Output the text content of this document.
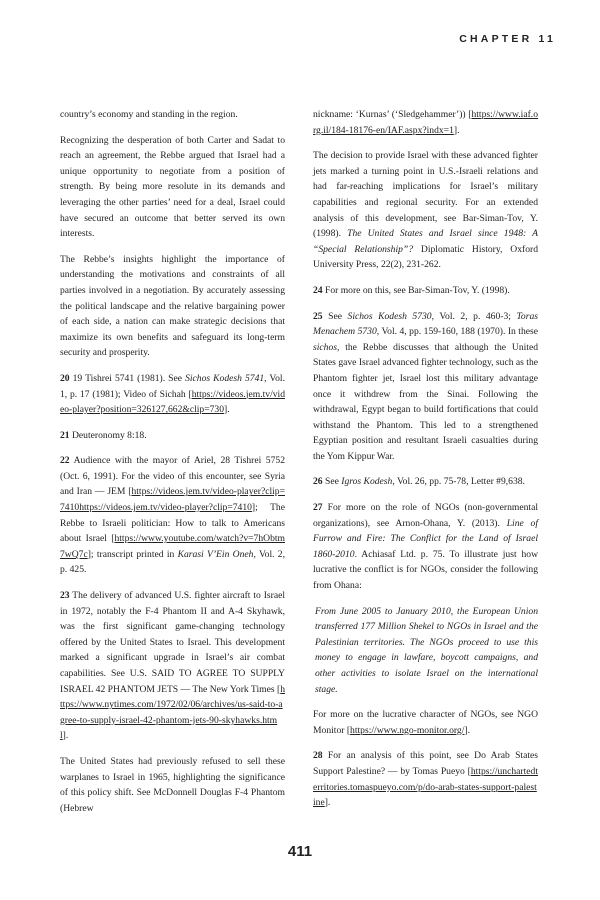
CHAPTER 11

country’s economy and standing in the region.

Recognizing the desperation of both Carter and Sadat to reach an agreement, the Rebbe argued that Israel had a unique opportunity to negotiate from a position of strength. By being more resolute in its demands and leveraging the other parties’ need for a deal, Israel could have secured an outcome that better served its own interests.

The Rebbe’s insights highlight the importance of understanding the motivations and constraints of all parties involved in a negotiation. By accurately assessing the political landscape and the relative bargaining power of each side, a nation can make strategic decisions that maximize its own benefits and safeguard its long-term security and prosperity.

20 19 Tishrei 5741 (1981). See Sichos Kodesh 5741, Vol. 1, p. 17 (1981); Video of Sichah [https://videos.jem.tv/video-player?position=326127,662&clip=730].

21 Deuteronomy 8:18.

22 Audience with the mayor of Ariel, 28 Tishrei 5752 (Oct. 6, 1991). For the video of this encounter, see Syria and Iran — JEM [https://videos.jem.tv/video-player?clip=7410https://videos.jem.tv/video-player?clip=7410]; The Rebbe to Israeli politician: How to talk to Americans about Israel [https://www.youtube.com/watch?v=7hObtm7wQ7c]; transcript printed in Karasi V’Ein Oneh, Vol. 2, p. 425.

23 The delivery of advanced U.S. fighter aircraft to Israel in 1972, notably the F-4 Phantom II and A-4 Skyhawk, was the first significant game-changing technology offered by the United States to Israel. This development marked a significant upgrade in Israel’s air combat capabilities. See U.S. SAID TO AGREE TO SUPPLY ISRAEL 42 PHANTOM JETS — The New York Times [https://www.nytimes.com/1972/02/06/archives/us-said-to-agree-to-supply-israel-42-phantom-jets-90-skyhawks.html].

The United States had previously refused to sell these warplanes to Israel in 1965, highlighting the significance of this policy shift. See McDonnell Douglas F-4 Phantom (Hebrew

nickname: ‘Kurnas’ (‘Sledgehammer’)) [https://www.iaf.org.il/184-18176-en/IAF.aspx?indx=1].

The decision to provide Israel with these advanced fighter jets marked a turning point in U.S.-Israeli relations and had far-reaching implications for Israel’s military capabilities and regional security. For an extended analysis of this development, see Bar-Siman-Tov, Y. (1998). The United States and Israel since 1948: A “Special Relationship”? Diplomatic History, Oxford University Press, 22(2), 231-262.

24 For more on this, see Bar-Siman-Tov, Y. (1998).

25 See Sichos Kodesh 5730, Vol. 2, p. 460-3; Toras Menachem 5730, Vol. 4, pp. 159-160, 188 (1970). In these sichos, the Rebbe discusses that although the United States gave Israel advanced fighter technology, such as the Phantom fighter jet, Israel lost this military advantage once it withdrew from the Sinai. Following the withdrawal, Egypt began to build fortifications that could withstand the Phantom. This led to a strengthened Egyptian position and resultant Israeli casualties during the Yom Kippur War.

26 See Igros Kodesh, Vol. 26, pp. 75-78, Letter #9,638.

27 For more on the role of NGOs (non-governmental organizations), see Arnon-Ohana, Y. (2013). Line of Furrow and Fire: The Conflict for the Land of Israel 1860-2010. Achiasaf Ltd. p. 75. To illustrate just how lucrative the conflict is for NGOs, consider the following from Ohana:

From June 2005 to January 2010, the European Union transferred 177 Million Shekel to NGOs in Israel and the Palestinian territories. The NGOs proceed to use this money to engage in lawfare, boycott campaigns, and other activities to isolate Israel on the international stage.

For more on the lucrative character of NGOs, see NGO Monitor [https://www.ngo-monitor.org/].

28 For an analysis of this point, see Do Arab States Support Palestine? — by Tomas Pueyo [https://unchartedterritories.tomaspueyo.com/p/do-arab-states-support-palestine].

411
